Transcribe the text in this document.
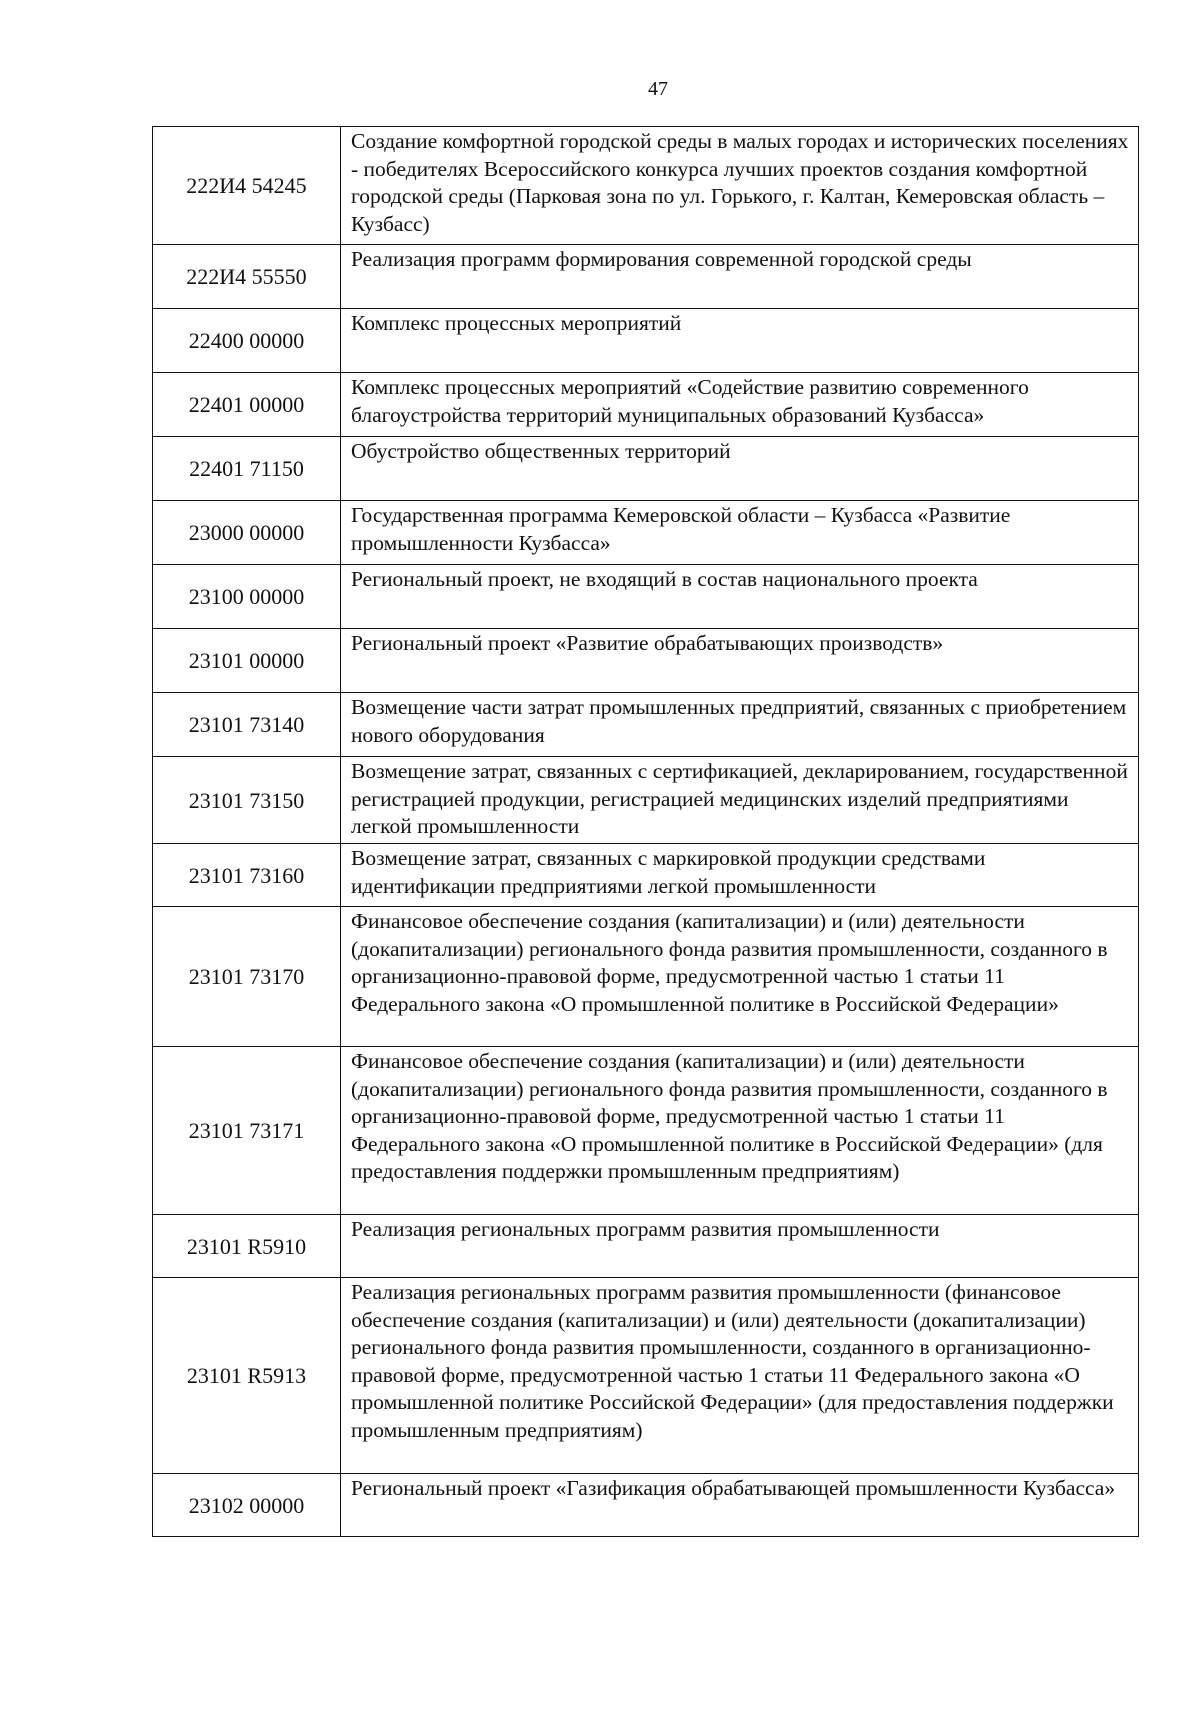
47
222И4 54245	Создание комфортной городской среды в малых городах и исторических поселениях - победителях Всероссийского конкурса лучших проектов создания комфортной городской среды (Парковая зона по ул. Горького, г. Калтан, Кемеровская область – Кузбасс)
222И4 55550	Реализация программ формирования современной городской среды
22400 00000	Комплекс процессных мероприятий
22401 00000	Комплекс процессных мероприятий «Содействие развитию современного благоустройства территорий муниципальных образований Кузбасса»
22401 71150	Обустройство общественных территорий
23000 00000	Государственная программа Кемеровской области – Кузбасса «Развитие промышленности Кузбасса»
23100 00000	Региональный проект, не входящий в состав национального проекта
23101 00000	Региональный проект «Развитие обрабатывающих производств»
23101 73140	Возмещение части затрат промышленных предприятий, связанных с приобретением нового оборудования
23101 73150	Возмещение затрат, связанных с сертификацией, декларированием, государственной регистрацией продукции, регистрацией медицинских изделий предприятиями легкой промышленности
23101 73160	Возмещение затрат, связанных с маркировкой продукции средствами идентификации предприятиями легкой промышленности
23101 73170	Финансовое обеспечение создания (капитализации) и (или) деятельности (докапитализации) регионального фонда развития промышленности, созданного в организационно-правовой форме, предусмотренной частью 1 статьи 11 Федерального закона «О промышленной политике в Российской Федерации»
23101 73171	Финансовое обеспечение создания (капитализации) и (или) деятельности (докапитализации) регионального фонда развития промышленности, созданного в организационно-правовой форме, предусмотренной частью 1 статьи 11 Федерального закона «О промышленной политике в Российской Федерации» (для предоставления поддержки промышленным предприятиям)
23101 R5910	Реализация региональных программ развития промышленности
23101 R5913	Реализация региональных программ развития промышленности (финансовое обеспечение создания (капитализации) и (или) деятельности (докапитализации) регионального фонда развития промышленности, созданного в организационно-правовой форме, предусмотренной частью 1 статьи 11 Федерального закона «О промышленной политике Российской Федерации» (для предоставления поддержки промышленным предприятиям)
23102 00000	Региональный проект «Газификация обрабатывающей промышленности Кузбасса»
